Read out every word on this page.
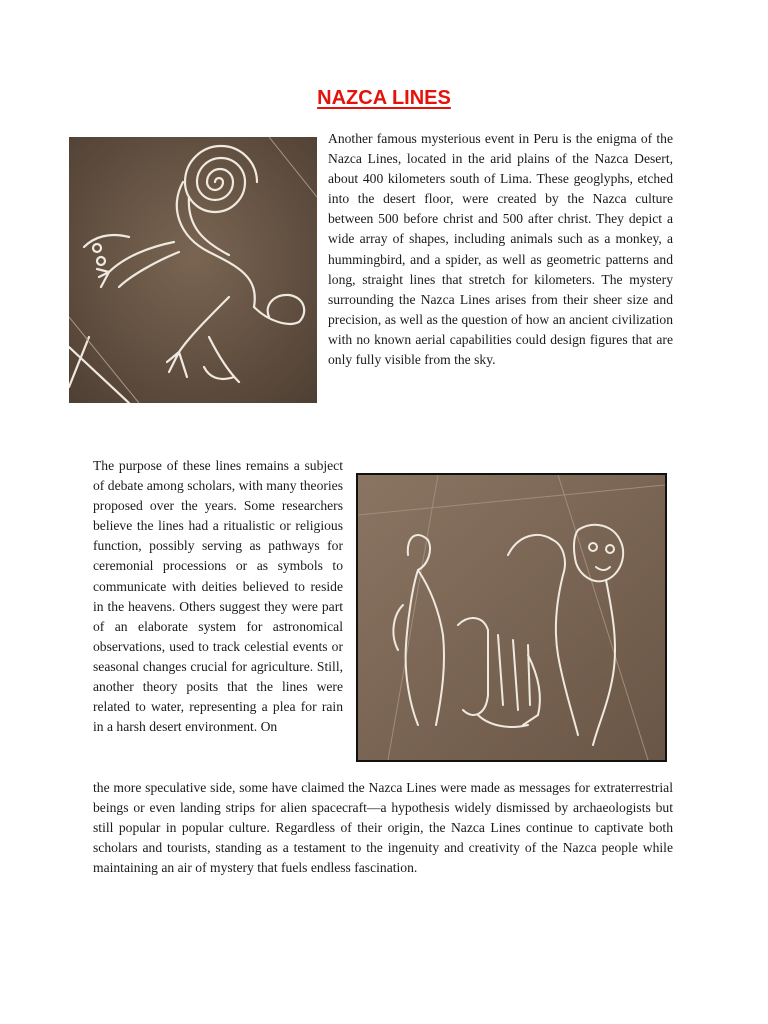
NAZCA LINES

Another famous mysterious event in Peru is the enigma of the Nazca Lines, located in the arid plains of the Nazca Desert, about 400 kilometers south of Lima. These geoglyphs, etched into the desert floor, were created by the Nazca culture between 500 before christ and 500 after christ. They depict a wide array of shapes, including animals such as a monkey, a hummingbird, and a spider, as well as geometric patterns and long, straight lines that stretch for kilometers. The mystery surrounding the Nazca Lines arises from their sheer size and precision, as well as the question of how an ancient civilization with no known aerial capabilities could design figures that are only fully visible from the sky.

The purpose of these lines remains a subject of debate among scholars, with many theories proposed over the years. Some researchers believe the lines had a ritualistic or religious function, possibly serving as pathways for ceremonial processions or as symbols to communicate with deities believed to reside in the heavens. Others suggest they were part of an elaborate system for astronomical observations, used to track celestial events or seasonal changes crucial for agriculture. Still, another theory posits that the lines were related to water, representing a plea for rain in a harsh desert environment. On

the more speculative side, some have claimed the Nazca Lines were made as messages for extraterrestrial beings or even landing strips for alien spacecraft—a hypothesis widely dismissed by archaeologists but still popular in popular culture. Regardless of their origin, the Nazca Lines continue to captivate both scholars and tourists, standing as a testament to the ingenuity and creativity of the Nazca people while maintaining an air of mystery that fuels endless fascination.
